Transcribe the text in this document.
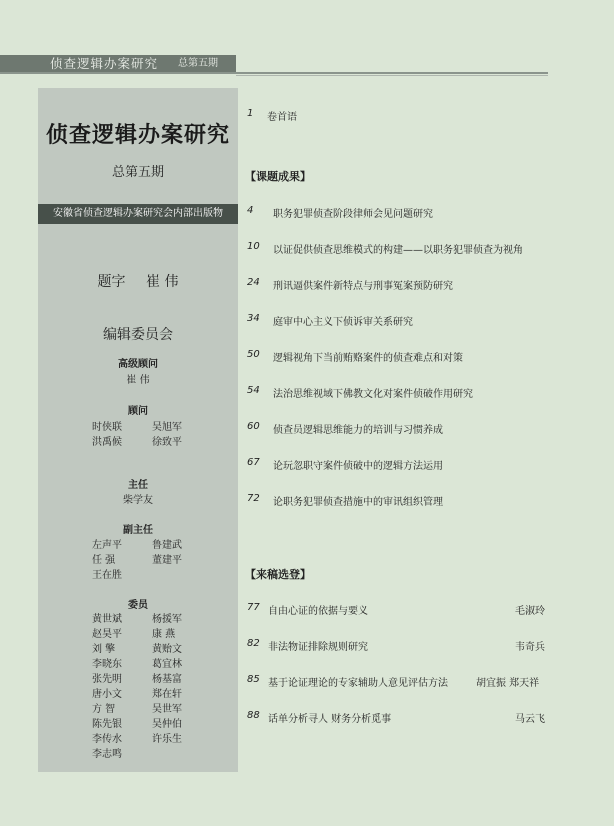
侦查逻辑办案研究 总第五期
侦查逻辑办案研究
总第五期
安徽省侦查逻辑办案研究会内部出版物
题字 崔 伟
编辑委员会
高级顾问
崔 伟
顾问
时侠联	吴旭军
洪禹候	徐致平
主任
柴学友
副主任
左声平	鲁建武
任 强	董建平
王在胜
委员
黄世斌	杨援军
赵昊平	康 燕
刘 擎	黄贻文
李晓东	葛宜林
张先明	杨基富
唐小文	郑在轩
方 智	吴世军
陈先银	吴仲伯
李传水	许乐生
李志鸣
1 卷首语
【课题成果】
4 职务犯罪侦查阶段律师会见问题研究
10 以证促供侦查思维模式的构建——以职务犯罪侦查为视角
24 刑讯逼供案件新特点与刑事冤案预防研究
34 庭审中心主义下侦诉审关系研究
50 逻辑视角下当前贿赂案件的侦查难点和对策
54 法治思维视域下佛教文化对案件侦破作用研究
60 侦查员逻辑思维能力的培训与习惯养成
67 论玩忽职守案件侦破中的逻辑方法运用
72 论职务犯罪侦查措施中的审讯组织管理
【来稿选登】
77 自由心证的依据与要义	毛淑玲
82 非法物证排除规则研究	韦奇兵
85 基于论证理论的专家辅助人意见评估方法	胡宜振 郑天祥
88 话单分析寻人 财务分析觅事	马云飞
